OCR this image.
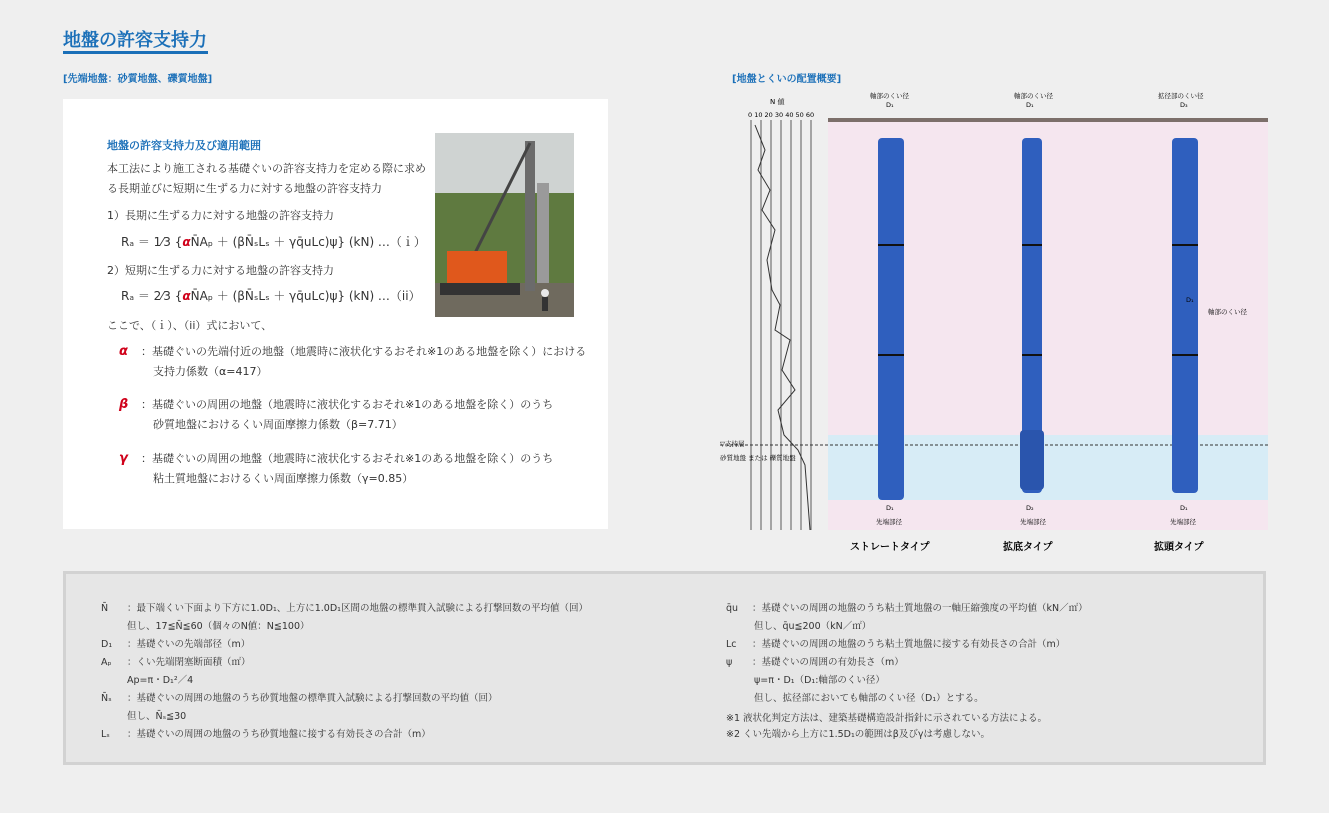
地盤の許容支持力
[先端地盤：砂質地盤、礫質地盤]	[地盤とくいの配置概要]
地盤の許容支持力及び適用範囲
本工法により施工される基礎ぐいの許容支持力を定める際に求める長期並びに短期に生ずる力に対する地盤の許容支持力
1）長期に生ずる力に対する地盤の許容支持力
Rₐ ＝ 1⁄3 {αN̄Aₚ ＋ (βN̄ₛLₛ ＋ γq̄uLc)ψ} (kN) …（ｉ）
2）短期に生ずる力に対する地盤の許容支持力
Rₐ ＝ 2⁄3 {αN̄Aₚ ＋ (βN̄ₛLₛ ＋ γq̄uLc)ψ} (kN) …（ii）
ここで、（ｉ）、（ii）式において、
α ：基礎ぐいの先端付近の地盤（地震時に液状化するおそれ※1のある地盤を除く）における
支持力係数（α=417）
β ：基礎ぐいの周囲の地盤（地震時に液状化するおそれ※1のある地盤を除く）のうち
砂質地盤におけるくい周面摩擦力係数（β=7.71）
γ ：基礎ぐいの周囲の地盤（地震時に液状化するおそれ※1のある地盤を除く）のうち
粘土質地盤におけるくい周面摩擦力係数（γ=0.85）
N 値
0 10 20 30 40 50 60
▽支持層
砂質地盤 または 礫質地盤
軸部のくい径
D₁
軸部のくい径
D₁
拡径部のくい径
D₃
D₁
軸部のくい径
D₁
先端部径
D₂
先端部径
D₁
先端部径
ストレートタイプ	拡底タイプ	拡頭タイプ
N̄ ：最下端くい下面より下方に1.0D₁、上方に1.0D₁区間の地盤の標準貫入試験による打撃回数の平均値（回）
但し、17≦N̄≦60（個々のN値：N≦100）
D₁ ：基礎ぐいの先端部径（m）
Aₚ ：くい先端閉塞断面積（㎡）
Ap=π・D₁²／4
N̄ₛ ：基礎ぐいの周囲の地盤のうち砂質地盤の標準貫入試験による打撃回数の平均値（回）
但し、N̄ₛ≦30
Lₛ ：基礎ぐいの周囲の地盤のうち砂質地盤に接する有効長さの合計（m）
q̄u ：基礎ぐいの周囲の地盤のうち粘土質地盤の一軸圧縮強度の平均値（kN／㎡）
但し、q̄u≦200（kN／㎡）
Lc ：基礎ぐいの周囲の地盤のうち粘土質地盤に接する有効長さの合計（m）
ψ ：基礎ぐいの周囲の有効長さ（m）
ψ=π・D₁（D₁:軸部のくい径）
但し、拡径部においても軸部のくい径（D₁）とする。
※1 液状化判定方法は、建築基礎構造設計指針に示されている方法による。
※2 くい先端から上方に1.5D₁の範囲はβ及びγは考慮しない。
